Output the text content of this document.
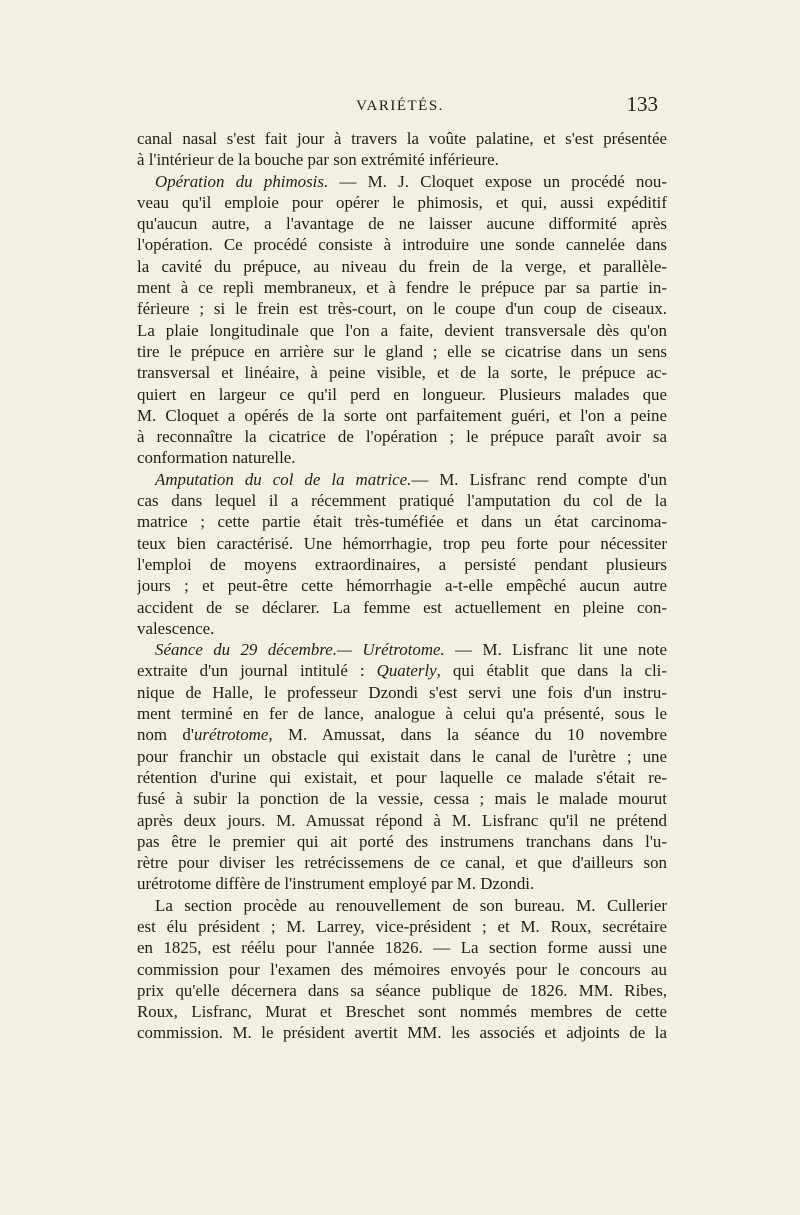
VARIÉTÉS.	133
canal nasal s'est fait jour à travers la voûte palatine, et s'est présentée
à l'intérieur de la bouche par son extrémité inférieure.
Opération du phimosis. — M. J. Cloquet expose un procédé nou-
veau qu'il emploie pour opérer le phimosis, et qui, aussi expéditif
qu'aucun autre, a l'avantage de ne laisser aucune difformité après
l'opération. Ce procédé consiste à introduire une sonde cannelée dans
la cavité du prépuce, au niveau du frein de la verge, et parallèle-
ment à ce repli membraneux, et à fendre le prépuce par sa partie in-
férieure ; si le frein est très-court, on le coupe d'un coup de ciseaux.
La plaie longitudinale que l'on a faite, devient transversale dès qu'on
tire le prépuce en arrière sur le gland ; elle se cicatrise dans un sens
transversal et linéaire, à peine visible, et de la sorte, le prépuce ac-
quiert en largeur ce qu'il perd en longueur. Plusieurs malades que
M. Cloquet a opérés de la sorte ont parfaitement guéri, et l'on a peine
à reconnaître la cicatrice de l'opération ; le prépuce paraît avoir sa
conformation naturelle.
Amputation du col de la matrice.— M. Lisfranc rend compte d'un
cas dans lequel il a récemment pratiqué l'amputation du col de la
matrice ; cette partie était très-tuméfiée et dans un état carcinoma-
teux bien caractérisé. Une hémorrhagie, trop peu forte pour nécessiter
l'emploi de moyens extraordinaires, a persisté pendant plusieurs
jours ; et peut-être cette hémorrhagie a-t-elle empêché aucun autre
accident de se déclarer. La femme est actuellement en pleine con-
valescence.
Séance du 29 décembre.— Urétrotome. — M. Lisfranc lit une note
extraite d'un journal intitulé : Quaterly, qui établit que dans la cli-
nique de Halle, le professeur Dzondi s'est servi une fois d'un instru-
ment terminé en fer de lance, analogue à celui qu'a présenté, sous le
nom d'urétrotome, M. Amussat, dans la séance du 10 novembre
pour franchir un obstacle qui existait dans le canal de l'urètre ; une
rétention d'urine qui existait, et pour laquelle ce malade s'était re-
fusé à subir la ponction de la vessie, cessa ; mais le malade mourut
après deux jours. M. Amussat répond à M. Lisfranc qu'il ne prétend
pas être le premier qui ait porté des instrumens tranchans dans l'u-
rètre pour diviser les retrécissemens de ce canal, et que d'ailleurs son
urétrotome diffère de l'instrument employé par M. Dzondi.
La section procède au renouvellement de son bureau. M. Cullerier
est élu président ; M. Larrey, vice-président ; et M. Roux, secrétaire
en 1825, est réélu pour l'année 1826. — La section forme aussi une
commission pour l'examen des mémoires envoyés pour le concours au
prix qu'elle décernera dans sa séance publique de 1826. MM. Ribes,
Roux, Lisfranc, Murat et Breschet sont nommés membres de cette
commission. M. le président avertit MM. les associés et adjoints de la
